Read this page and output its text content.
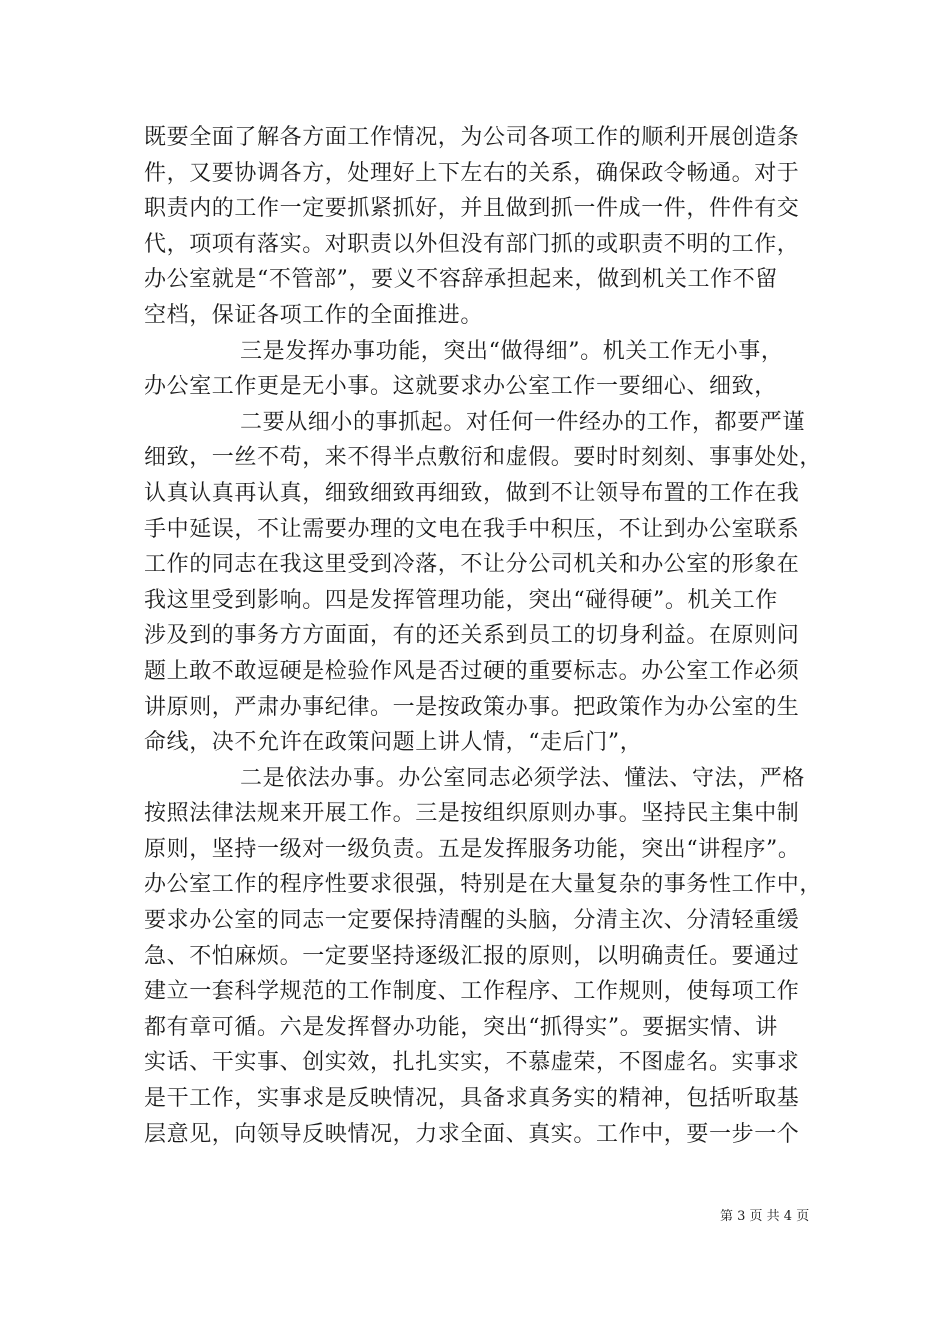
既要全面了解各方面工作情况，为公司各项工作的顺利开展创造条
件，又要协调各方，处理好上下左右的关系，确保政令畅通。对于
职责内的工作一定要抓紧抓好，并且做到抓一件成一件，件件有交
代，项项有落实。对职责以外但没有部门抓的或职责不明的工作，
办公室就是“不管部”，要义不容辞承担起来，做到机关工作不留
空档，保证各项工作的全面推进。
三是发挥办事功能，突出“做得细”。机关工作无小事，
办公室工作更是无小事。这就要求办公室工作一要细心、细致，
二要从细小的事抓起。对任何一件经办的工作，都要严谨
细致，一丝不苟，来不得半点敷衍和虚假。要时时刻刻、事事处处，
认真认真再认真，细致细致再细致，做到不让领导布置的工作在我
手中延误，不让需要办理的文电在我手中积压，不让到办公室联系
工作的同志在我这里受到冷落，不让分公司机关和办公室的形象在
我这里受到影响。四是发挥管理功能，突出“碰得硬”。机关工作
涉及到的事务方方面面，有的还关系到员工的切身利益。在原则问
题上敢不敢逗硬是检验作风是否过硬的重要标志。办公室工作必须
讲原则，严肃办事纪律。一是按政策办事。把政策作为办公室的生
命线，决不允许在政策问题上讲人情，“走后门”，
二是依法办事。办公室同志必须学法、懂法、守法，严格
按照法律法规来开展工作。三是按组织原则办事。坚持民主集中制
原则，坚持一级对一级负责。五是发挥服务功能，突出“讲程序”。
办公室工作的程序性要求很强，特别是在大量复杂的事务性工作中，
要求办公室的同志一定要保持清醒的头脑，分清主次、分清轻重缓
急、不怕麻烦。一定要坚持逐级汇报的原则，以明确责任。要通过
建立一套科学规范的工作制度、工作程序、工作规则，使每项工作
都有章可循。六是发挥督办功能，突出“抓得实”。要据实情、讲
实话、干实事、创实效，扎扎实实，不慕虚荣，不图虚名。实事求
是干工作，实事求是反映情况，具备求真务实的精神，包括听取基
层意见，向领导反映情况，力求全面、真实。工作中，要一步一个
第 3 页 共 4 页
